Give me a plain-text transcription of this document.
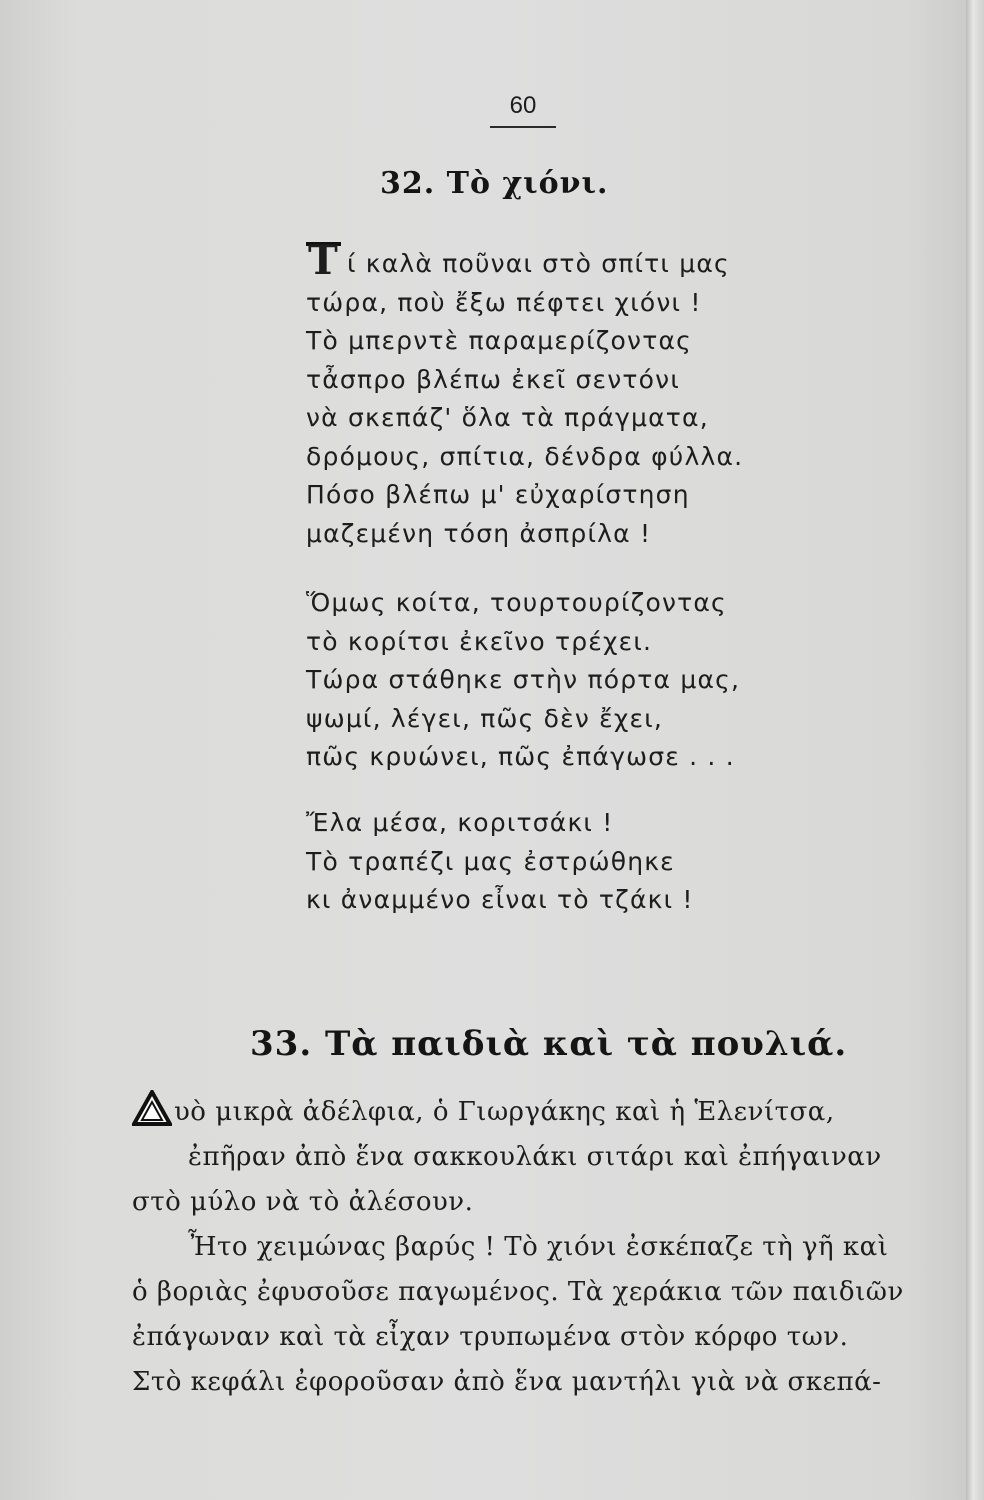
60
32. Τὸ χιόνι.
Τ ί καλὰ ποῦναι στὸ σπίτι μας
τώρα, ποὺ ἔξω πέφτει χιόνι !
Τὸ μπερντὲ παραμερίζοντας
τἆσπρο βλέπω ἐκεῖ σεντόνι
νὰ σκεπάζ' ὅλα τὰ πράγματα,
δρόμους, σπίτια, δένδρα φύλλα.
Πόσο βλέπω μ' εὐχαρίστηση
μαζεμένη τόση ἀσπρίλα !
Ὅμως κοίτα, τουρτουρίζοντας
τὸ κορίτσι ἐκεῖνο τρέχει.
Τώρα στάθηκε στὴν πόρτα μας,
ψωμί, λέγει, πῶς δὲν ἔχει,
πῶς κρυώνει, πῶς ἐπάγωσε . . .
Ἔλα μέσα, κοριτσάκι !
Τὸ τραπέζι μας ἐστρώθηκε
κι ἀναμμένο εἶναι τὸ τζάκι !
33. Τὰ παιδιὰ καὶ τὰ πουλιά.
υὸ μικρὰ ἀδέλφια, ὁ Γιωργάκης καὶ ἡ Ἑλενίτσα,
ἐπῆραν ἀπὸ ἕνα σακκουλάκι σιτάρι καὶ ἐπήγαιναν
στὸ μύλο νὰ τὸ ἀλέσουν.
Ἦτο χειμώνας βαρύς ! Τὸ χιόνι ἐσκέπαζε τὴ γῆ καὶ
ὁ βοριὰς ἐφυσοῦσε παγωμένος. Τὰ χεράκια τῶν παιδιῶν
ἐπάγωναν καὶ τὰ εἶχαν τρυπωμένα στὸν κόρφο των.
Στὸ κεφάλι ἐφοροῦσαν ἀπὸ ἕνα μαντήλι γιὰ νὰ σκεπά-
